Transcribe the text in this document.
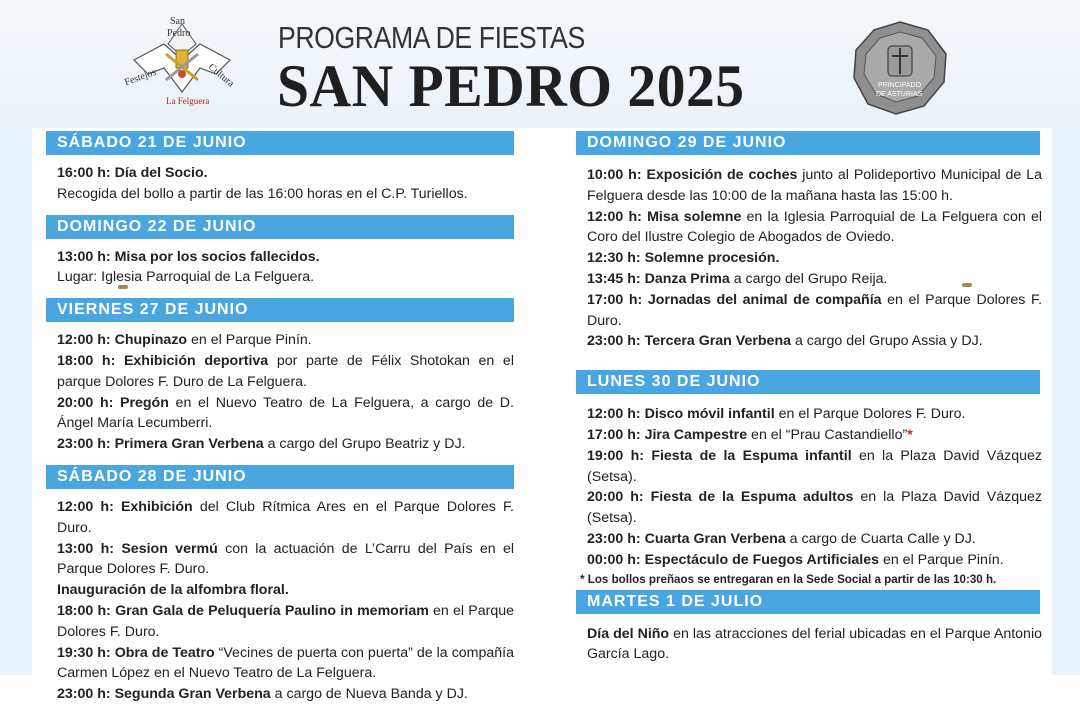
San
Pedro
Festejos	Cultura
La Felguera
PROGRAMA DE FIESTAS
SAN PEDRO 2025	PRINCIPADO
DE ASTURIAS
SÁBADO 21 DE JUNIO
16:00 h: Día del Socio.
Recogida del bollo a partir de las 16:00 horas en el C.P. Turiellos.
DOMINGO 22 DE JUNIO
13:00 h: Misa por los socios fallecidos.
Lugar: Iglesia Parroquial de La Felguera.
VIERNES 27 DE JUNIO
12:00 h: Chupinazo en el Parque Pinín.
18:00 h: Exhibición deportiva por parte de Félix Shotokan en el parque Dolores F. Duro de La Felguera.
20:00 h: Pregón en el Nuevo Teatro de La Felguera, a cargo de D. Ángel María Lecumberri.
23:00 h: Primera Gran Verbena a cargo del Grupo Beatriz y DJ.
SÁBADO 28 DE JUNIO
12:00 h: Exhibición del Club Rítmica Ares en el Parque Dolores F. Duro.
13:00 h: Sesion vermú con la actuación de L’Carru del País en el Parque Dolores F. Duro.
Inauguración de la alfombra floral.
18:00 h: Gran Gala de Peluquería Paulino in memoriam en el Parque Dolores F. Duro.
19:30 h: Obra de Teatro “Vecines de puerta con puerta” de la compañía Carmen López en el Nuevo Teatro de La Felguera.
23:00 h: Segunda Gran Verbena a cargo de Nueva Banda y DJ.
DOMINGO 29 DE JUNIO
10:00 h: Exposición de coches junto al Polideportivo Municipal de La Felguera desde las 10:00 de la mañana hasta las 15:00 h.
12:00 h: Misa solemne en la Iglesia Parroquial de La Felguera con el Coro del Ilustre Colegio de Abogados de Oviedo.
12:30 h: Solemne procesión.
13:45 h: Danza Prima a cargo del Grupo Reija.
17:00 h: Jornadas del animal de compañía en el Parque Dolores F. Duro.
23:00 h: Tercera Gran Verbena a cargo del Grupo Assia y DJ.
LUNES 30 DE JUNIO
12:00 h: Disco móvil infantil en el Parque Dolores F. Duro.
17:00 h: Jira Campestre en el “Prau Castandiello”*
19:00 h: Fiesta de la Espuma infantil en la Plaza David Vázquez (Setsa).
20:00 h: Fiesta de la Espuma adultos en la Plaza David Vázquez (Setsa).
23:00 h: Cuarta Gran Verbena a cargo de Cuarta Calle y DJ.
00:00 h: Espectáculo de Fuegos Artificiales en el Parque Pinín.
* Los bollos preñaos se entregaran en la Sede Social a partir de las 10:30 h.
MARTES 1 DE JULIO
Día del Niño en las atracciones del ferial ubicadas en el Parque Antonio García Lago.
